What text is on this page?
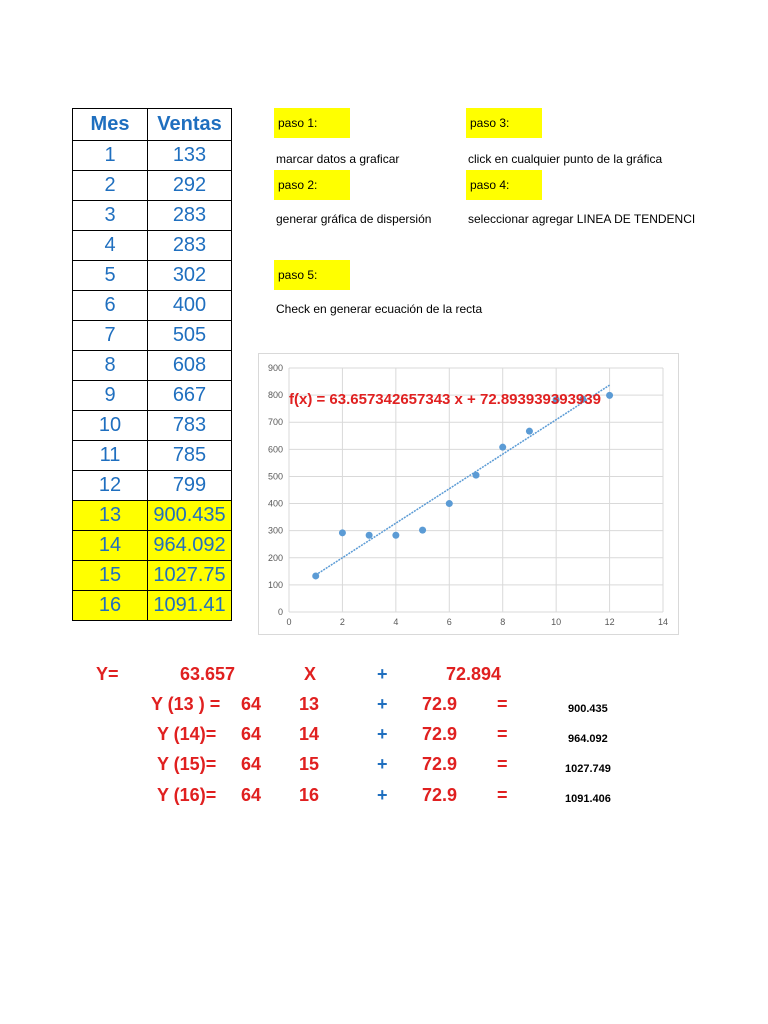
Mes	Ventas
1	133
2	292
3	283
4	283
5	302
6	400
7	505
8	608
9	667
10	783
11	785
12	799
13	900.435
14	964.092
15	1027.75
16	1091.41
paso 1:
marcar datos a graficar
paso 2:
generar gráfica de dispersión
paso 3:
click en cualquier punto de la gráfica
paso 4:
seleccionar agregar LINEA DE TENDENCI
paso 5:
Check en generar ecuación de la recta
0
100
200
300
400
500
600
700
800
900
0	2	4	6	8	10	12	14
f(x) = 63.657342657343 x + 72.893939393939
Y=	63.657	X	+	72.894
Y (13 ) = 64 13	+ 72.9 =	900.435
Y (14)= 64 14	+ 72.9 =	964.092
Y (15)= 64 15	+ 72.9 =	1027.749
Y (16)= 64 16	+ 72.9 =	1091.406
